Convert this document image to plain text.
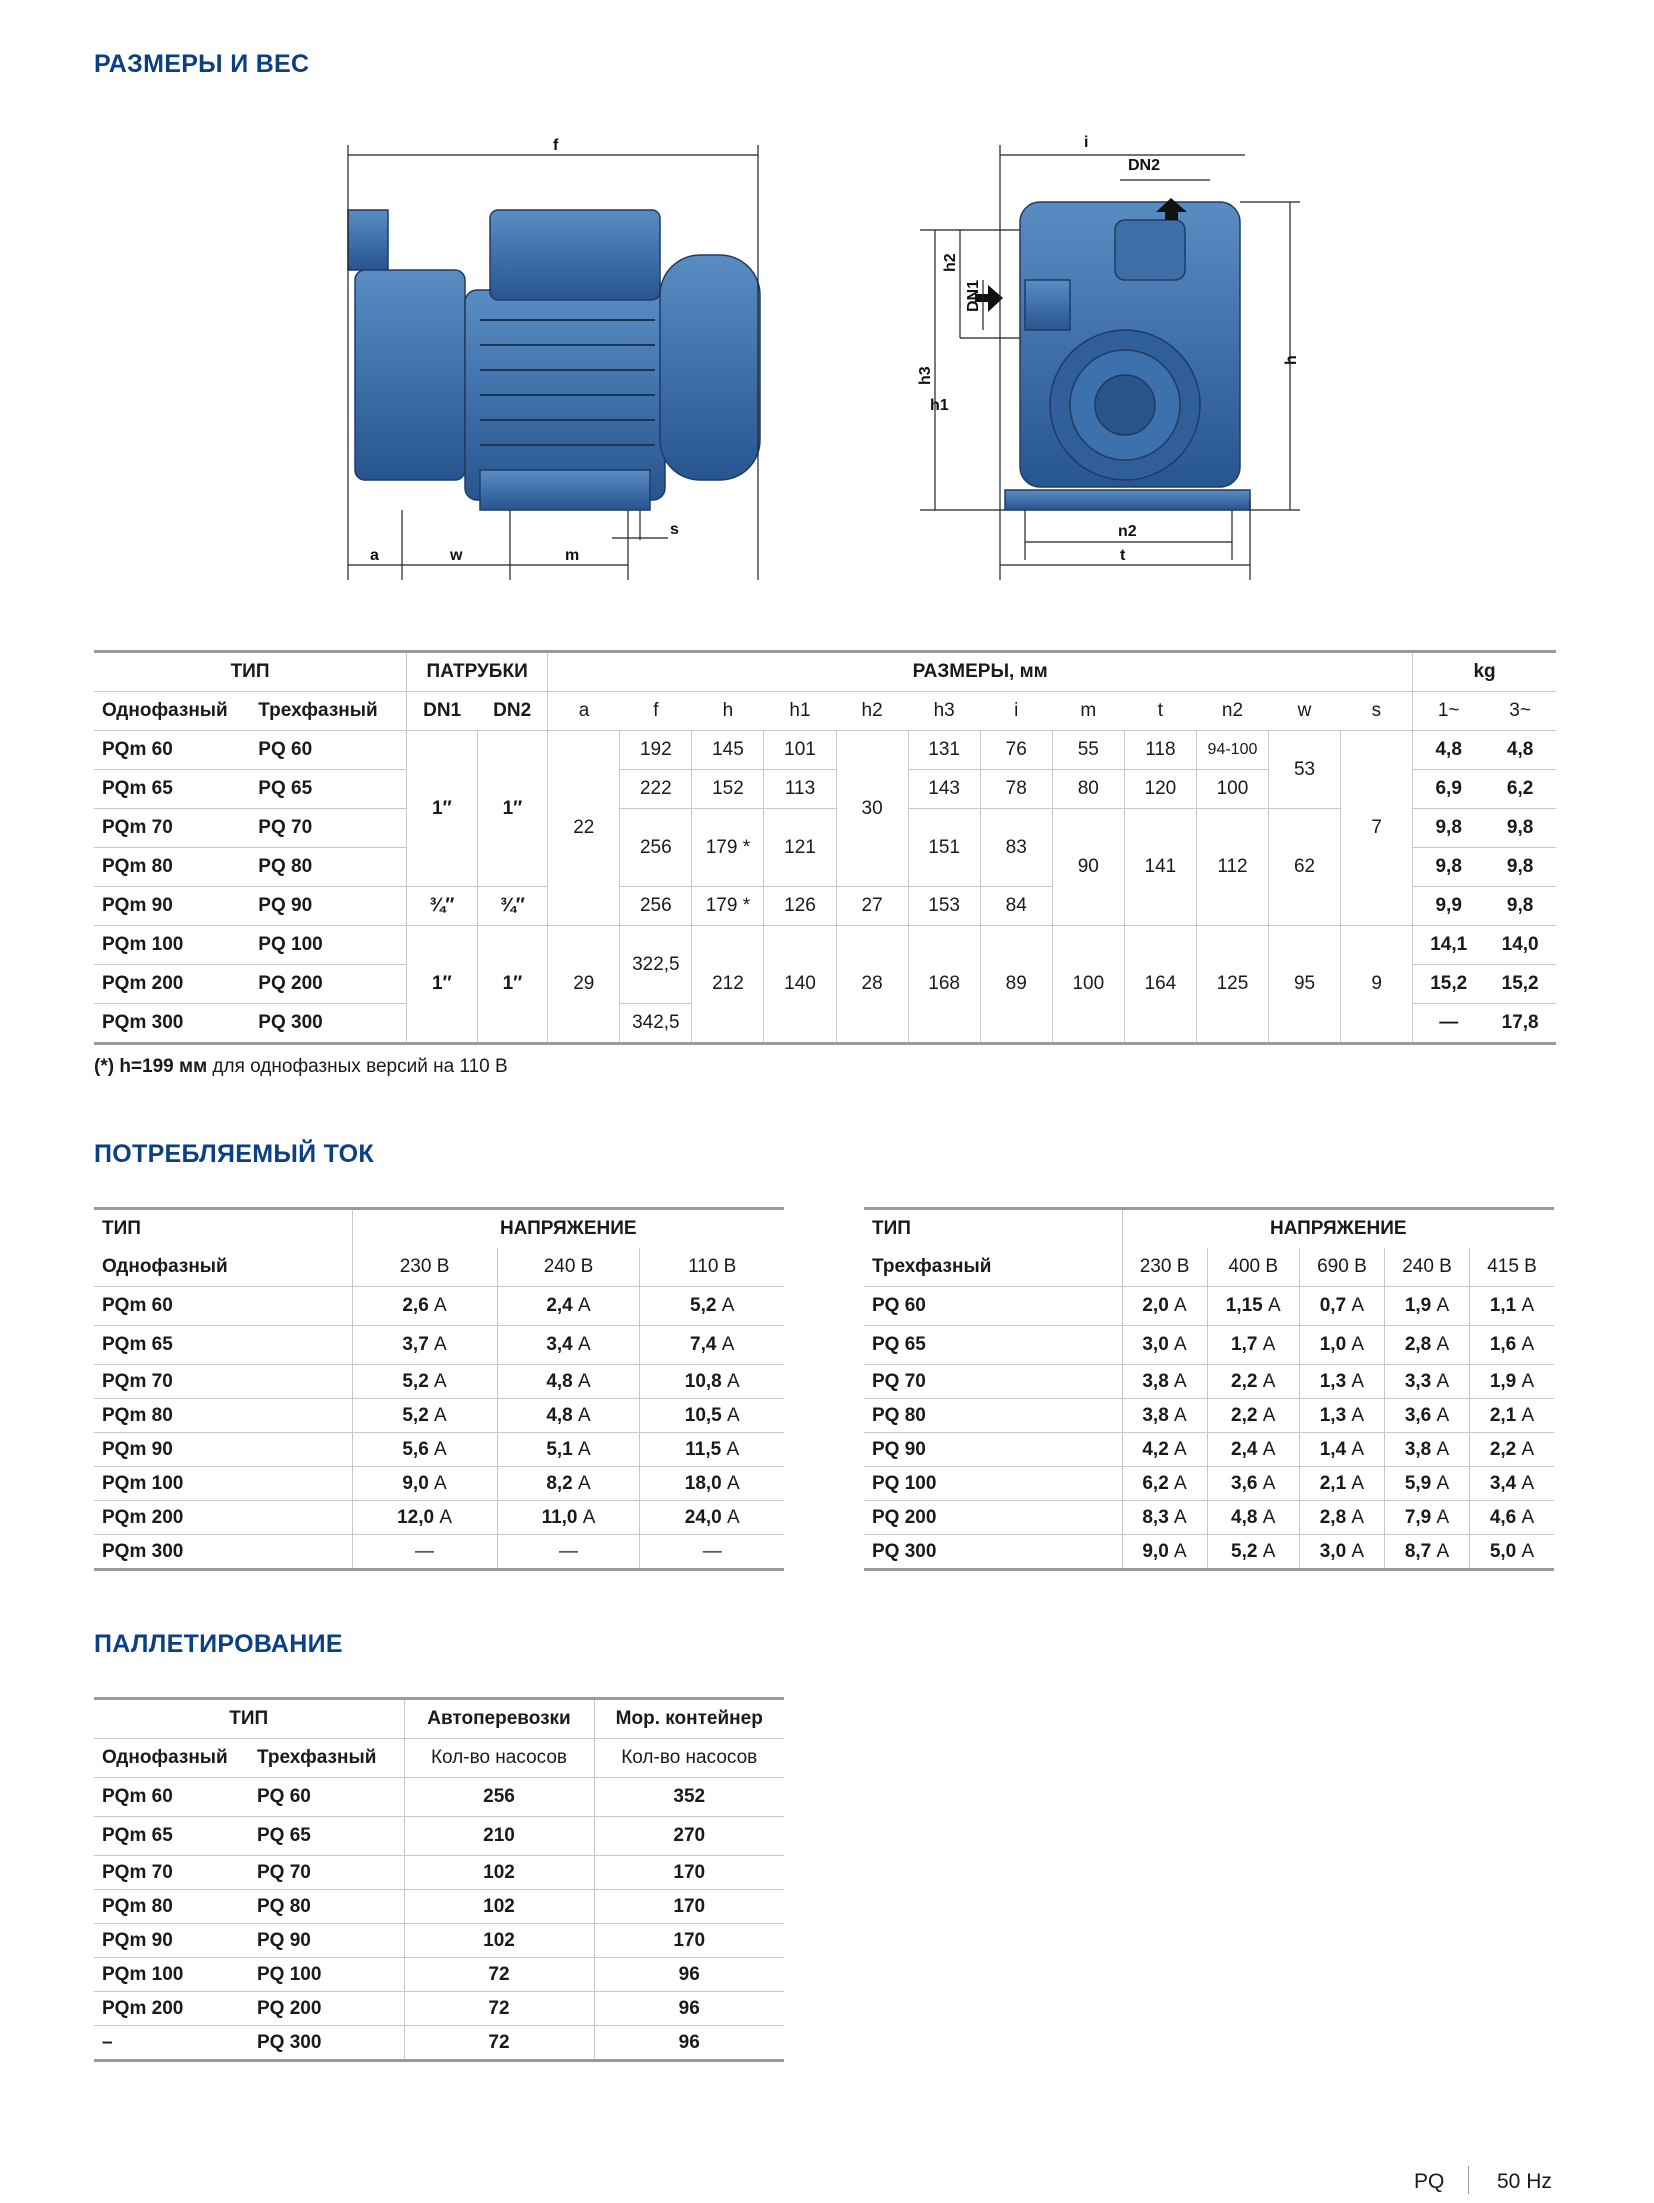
РАЗМЕРЫ И ВЕС
f
a	w	m
s
i
DN2
n2
t
h3
h1
h2
DN1
h
ТИП		ПАТРУБКИ		РАЗМЕРЫ, мм												kg	
Однофазный	Трехфазный	DN1	DN2	a	f	h	h1	h2	h3	i	m	t	n2	w	s	1~	3~
PQm 60	PQ 60	1″	1″	22	192	145	101	30	131	76	55	118	94-100	53	7	4,8	4,8
PQm 65	PQ 65				222	152	113		143	78	80	120	100			6,9	6,2
PQm 70	PQ 70				256	179 *	121		151	83	90	141	112	62		9,8	9,8
PQm 80	PQ 80															9,8	9,8
PQm 90	PQ 90	¾″	¾″		256	179 *	126	27	153	84						9,9	9,8
PQm 100	PQ 100	1″	1″	29	322,5	212	140	28	168	89	100	164	125	95	9	14,1	14,0
PQm 200	PQ 200															15,2	15,2
PQm 300	PQ 300				342,5											—	17,8
(*) h=199 мм для однофазных версий на 110 В
ПОТРЕБЛЯЕМЫЙ ТОК
ТИП	НАПРЯЖЕНИЕ		
Однофазный	230 В	240 В	110 В
PQm 60	2,6 А	2,4 А	5,2 А
PQm 65	3,7 А	3,4 А	7,4 А
PQm 70	5,2 А	4,8 А	10,8 А
PQm 80	5,2 А	4,8 А	10,5 А
PQm 90	5,6 А	5,1 А	11,5 А
PQm 100	9,0 А	8,2 А	18,0 А
PQm 200	12,0 А	11,0 А	24,0 А
PQm 300	—	—	—
ТИП	НАПРЯЖЕНИЕ				
Трехфазный	230 В	400 В	690 В	240 В	415 В
PQ 60	2,0 А	1,15 А	0,7 А	1,9 А	1,1 А
PQ 65	3,0 А	1,7 А	1,0 А	2,8 А	1,6 А
PQ 70	3,8 А	2,2 А	1,3 А	3,3 А	1,9 А
PQ 80	3,8 А	2,2 А	1,3 А	3,6 А	2,1 А
PQ 90	4,2 А	2,4 А	1,4 А	3,8 А	2,2 А
PQ 100	6,2 А	3,6 А	2,1 А	5,9 А	3,4 А
PQ 200	8,3 А	4,8 А	2,8 А	7,9 А	4,6 А
PQ 300	9,0 А	5,2 А	3,0 А	8,7 А	5,0 А
ПАЛЛЕТИРОВАНИЕ
ТИП		Автоперевозки	Мор. контейнер
Однофазный	Трехфазный	Кол-во насосов	Кол-во насосов
PQm 60	PQ 60	256	352
PQm 65	PQ 65	210	270
PQm 70	PQ 70	102	170
PQm 80	PQ 80	102	170
PQm 90	PQ 90	102	170
PQm 100	PQ 100	72	96
PQm 200	PQ 200	72	96
–	PQ 300	72	96
PQ	50 Hz
